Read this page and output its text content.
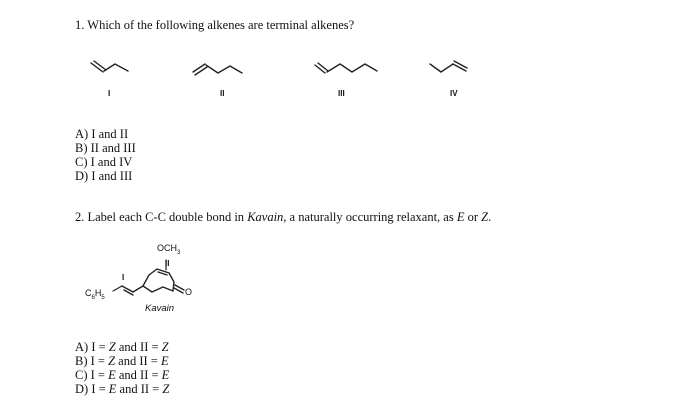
1. Which of the following alkenes are terminal alkenes?
I	II	III	IV
A) I and II
B) II and III
C) I and IV
D) I and III
2. Label each C-C double bond in Kavain, a naturally occurring relaxant, as E or Z.
$OCH_3$
II
I
$C_6H_5$
O
Kavain
A) I = Z and II = Z
B) I = Z and II = E
C) I = E and II = E
D) I = E and II = Z
